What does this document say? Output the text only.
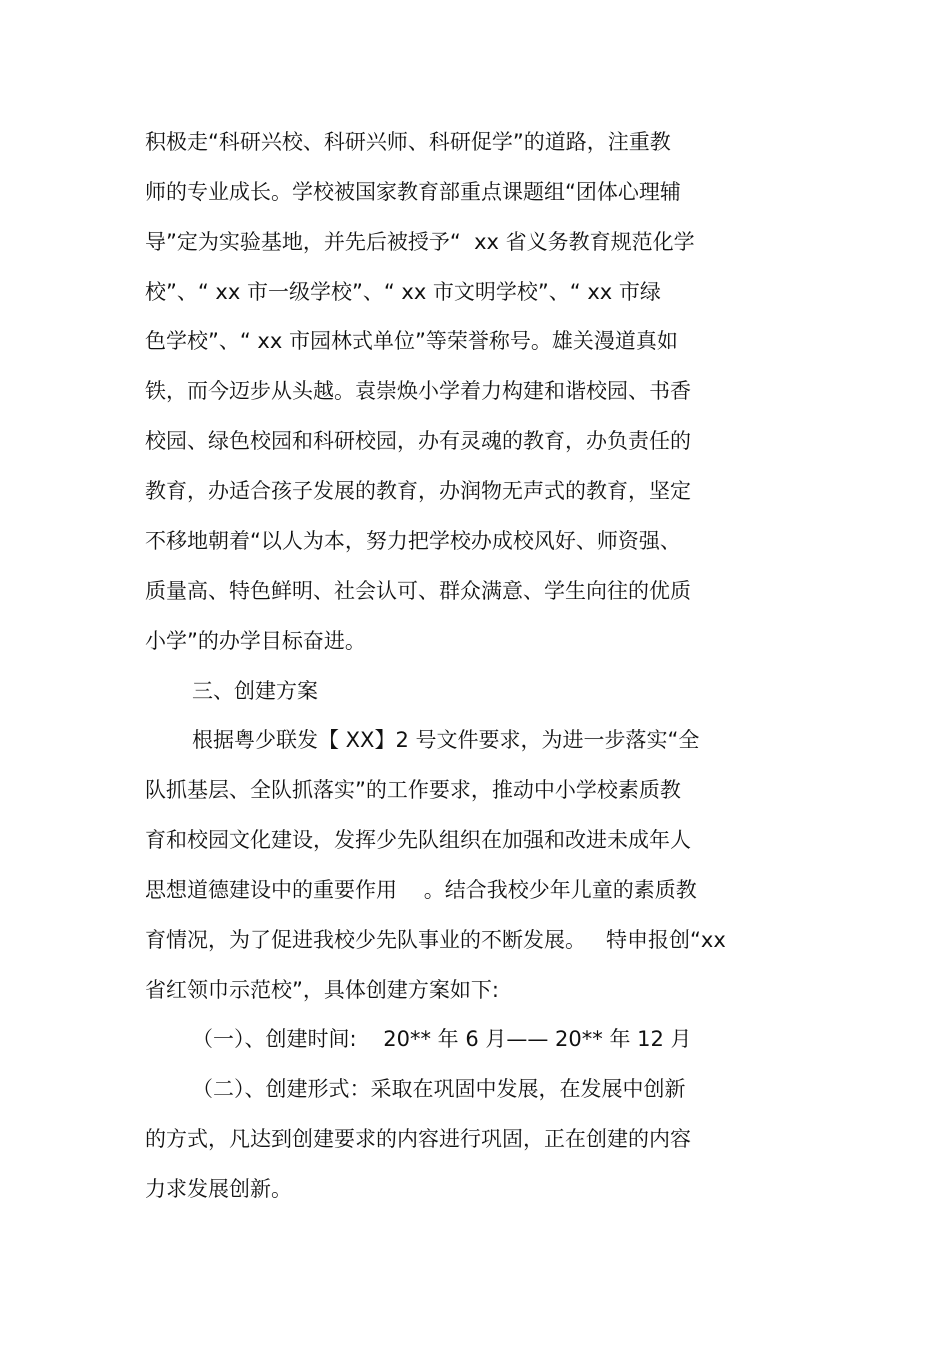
积极走“科研兴校、科研兴师、科研促学”的道路，注重教
师的专业成长。学校被国家教育部重点课题组“团体心理辅
导”定为实验基地，并先后被授予“  xx 省义务教育规范化学
校”、“ xx 市一级学校”、“ xx 市文明学校”、“ xx 市绿
色学校”、“ xx 市园林式单位”等荣誉称号。雄关漫道真如
铁，而今迈步从头越。袁崇焕小学着力构建和谐校园、书香
校园、绿色校园和科研校园，办有灵魂的教育，办负责任的
教育，办适合孩子发展的教育，办润物无声式的教育，坚定
不移地朝着“以人为本，努力把学校办成校风好、师资强、
质量高、特色鲜明、社会认可、群众满意、学生向往的优质
小学”的办学目标奋进。
三、创建方案
根据粤少联发【 XX】2 号文件要求，为进一步落实“全
队抓基层、全队抓落实”的工作要求，推动中小学校素质教
育和校园文化建设，发挥少先队组织在加强和改进未成年人
思想道德建设中的重要作用    。结合我校少年儿童的素质教
育情况，为了促进我校少先队事业的不断发展。   特申报创“xx
省红领巾示范校”，具体创建方案如下:
（一）、创建时间:    20** 年 6 月—— 20** 年 12 月
（二）、创建形式：采取在巩固中发展，在发展中创新
的方式，凡达到创建要求的内容进行巩固，正在创建的内容
力求发展创新。
